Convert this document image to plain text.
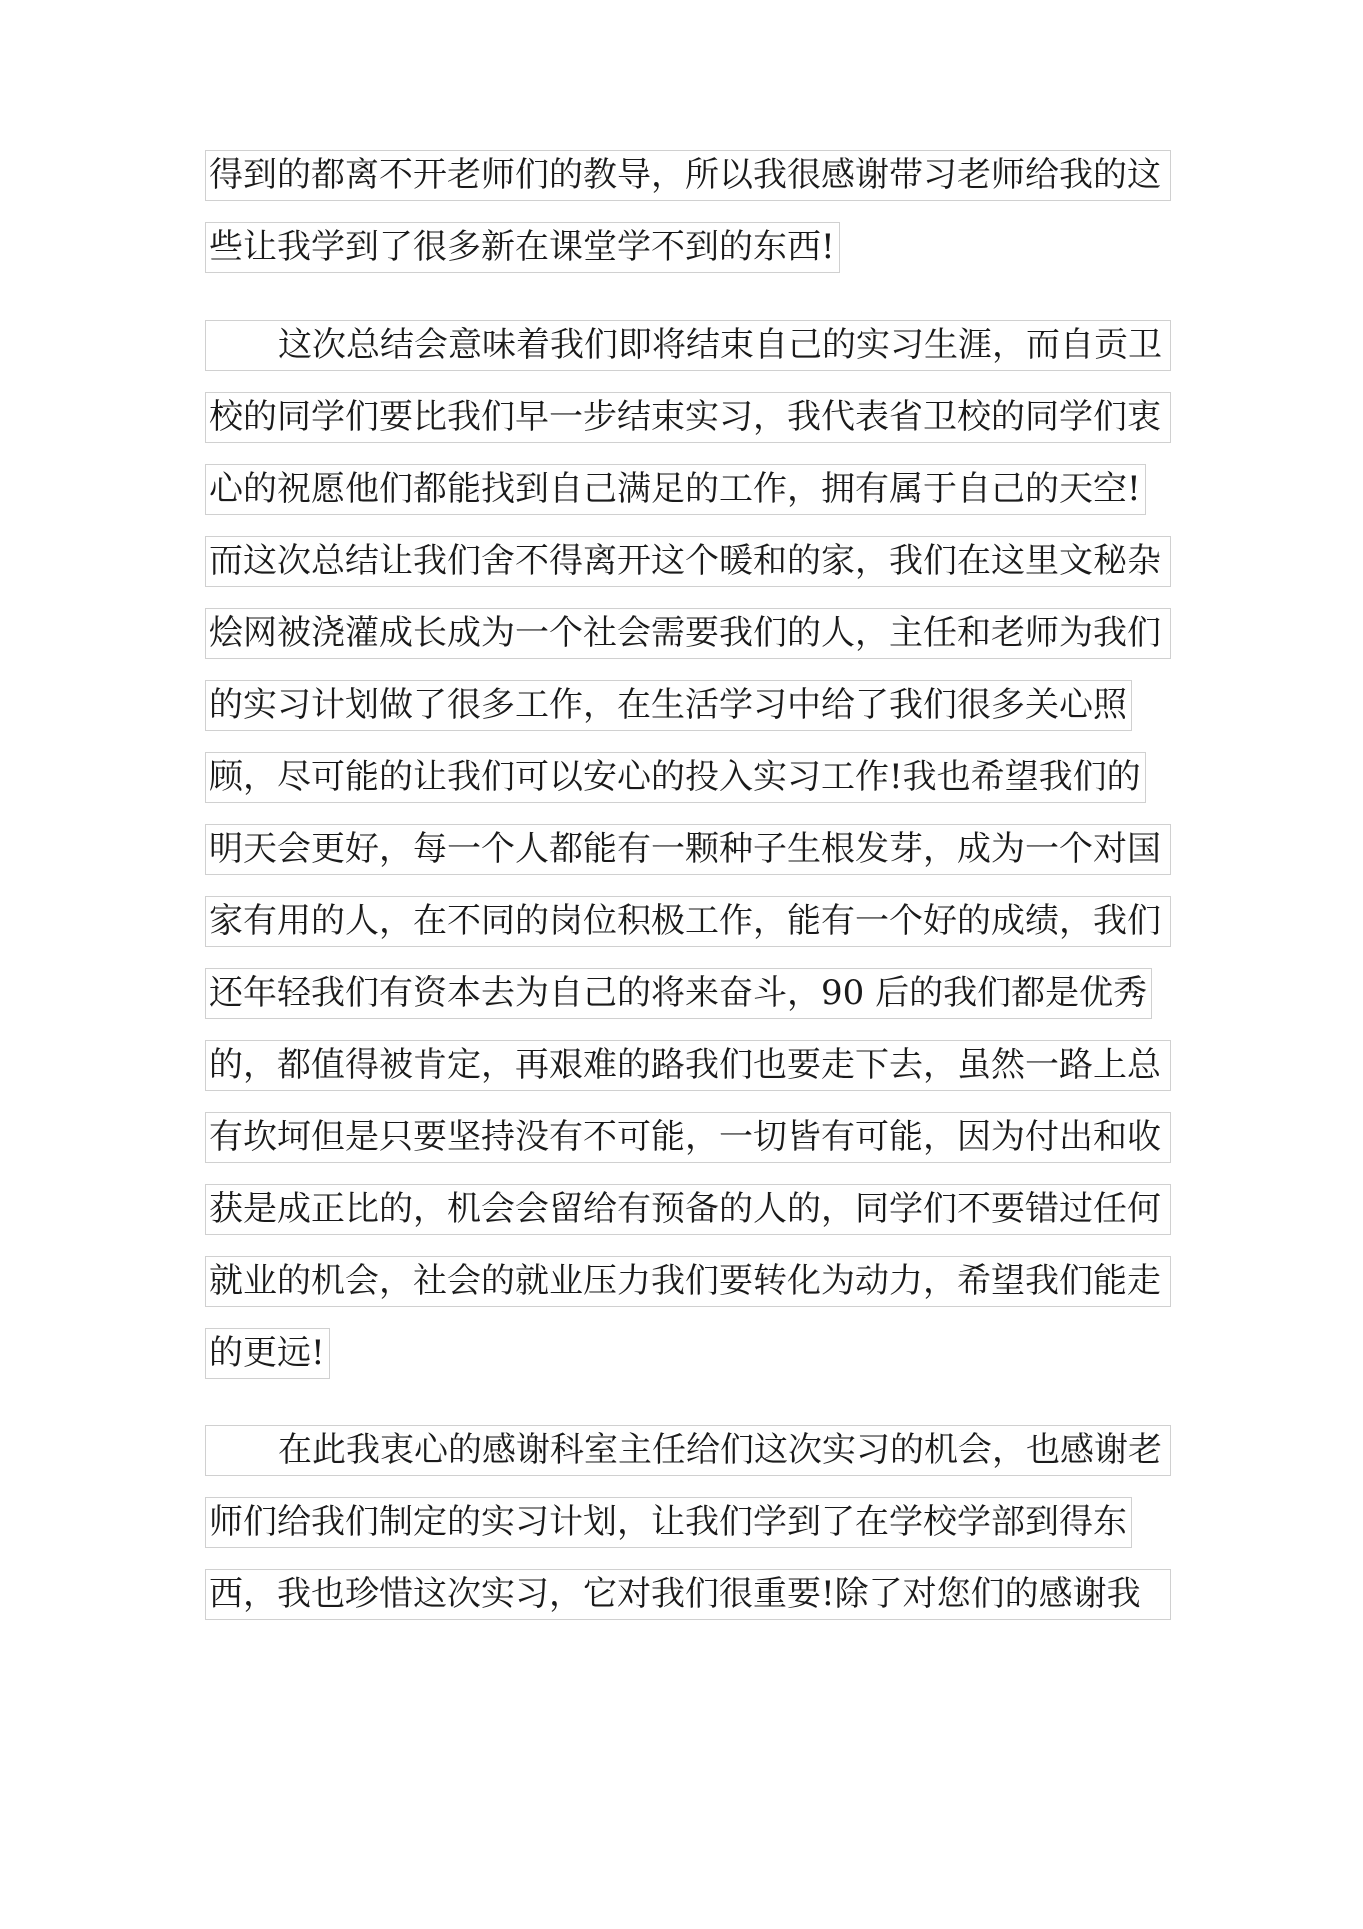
得到的都离不开老师们的教导，所以我很感谢带习老师给我的这
些让我学到了很多新在课堂学不到的东西!
这次总结会意味着我们即将结束自己的实习生涯，而自贡卫
校的同学们要比我们早一步结束实习，我代表省卫校的同学们衷
心的祝愿他们都能找到自己满足的工作，拥有属于自己的天空!
而这次总结让我们舍不得离开这个暖和的家，我们在这里文秘杂
烩网被浇灌成长成为一个社会需要我们的人，主任和老师为我们
的实习计划做了很多工作，在生活学习中给了我们很多关心照
顾，尽可能的让我们可以安心的投入实习工作!我也希望我们的
明天会更好，每一个人都能有一颗种子生根发芽，成为一个对国
家有用的人，在不同的岗位积极工作，能有一个好的成绩，我们
还年轻我们有资本去为自己的将来奋斗，90 后的我们都是优秀
的，都值得被肯定，再艰难的路我们也要走下去，虽然一路上总
有坎坷但是只要坚持没有不可能，一切皆有可能，因为付出和收
获是成正比的，机会会留给有预备的人的，同学们不要错过任何
就业的机会，社会的就业压力我们要转化为动力，希望我们能走
的更远!
在此我衷心的感谢科室主任给们这次实习的机会，也感谢老
师们给我们制定的实习计划，让我们学到了在学校学部到得东
西，我也珍惜这次实习，它对我们很重要!除了对您们的感谢我
